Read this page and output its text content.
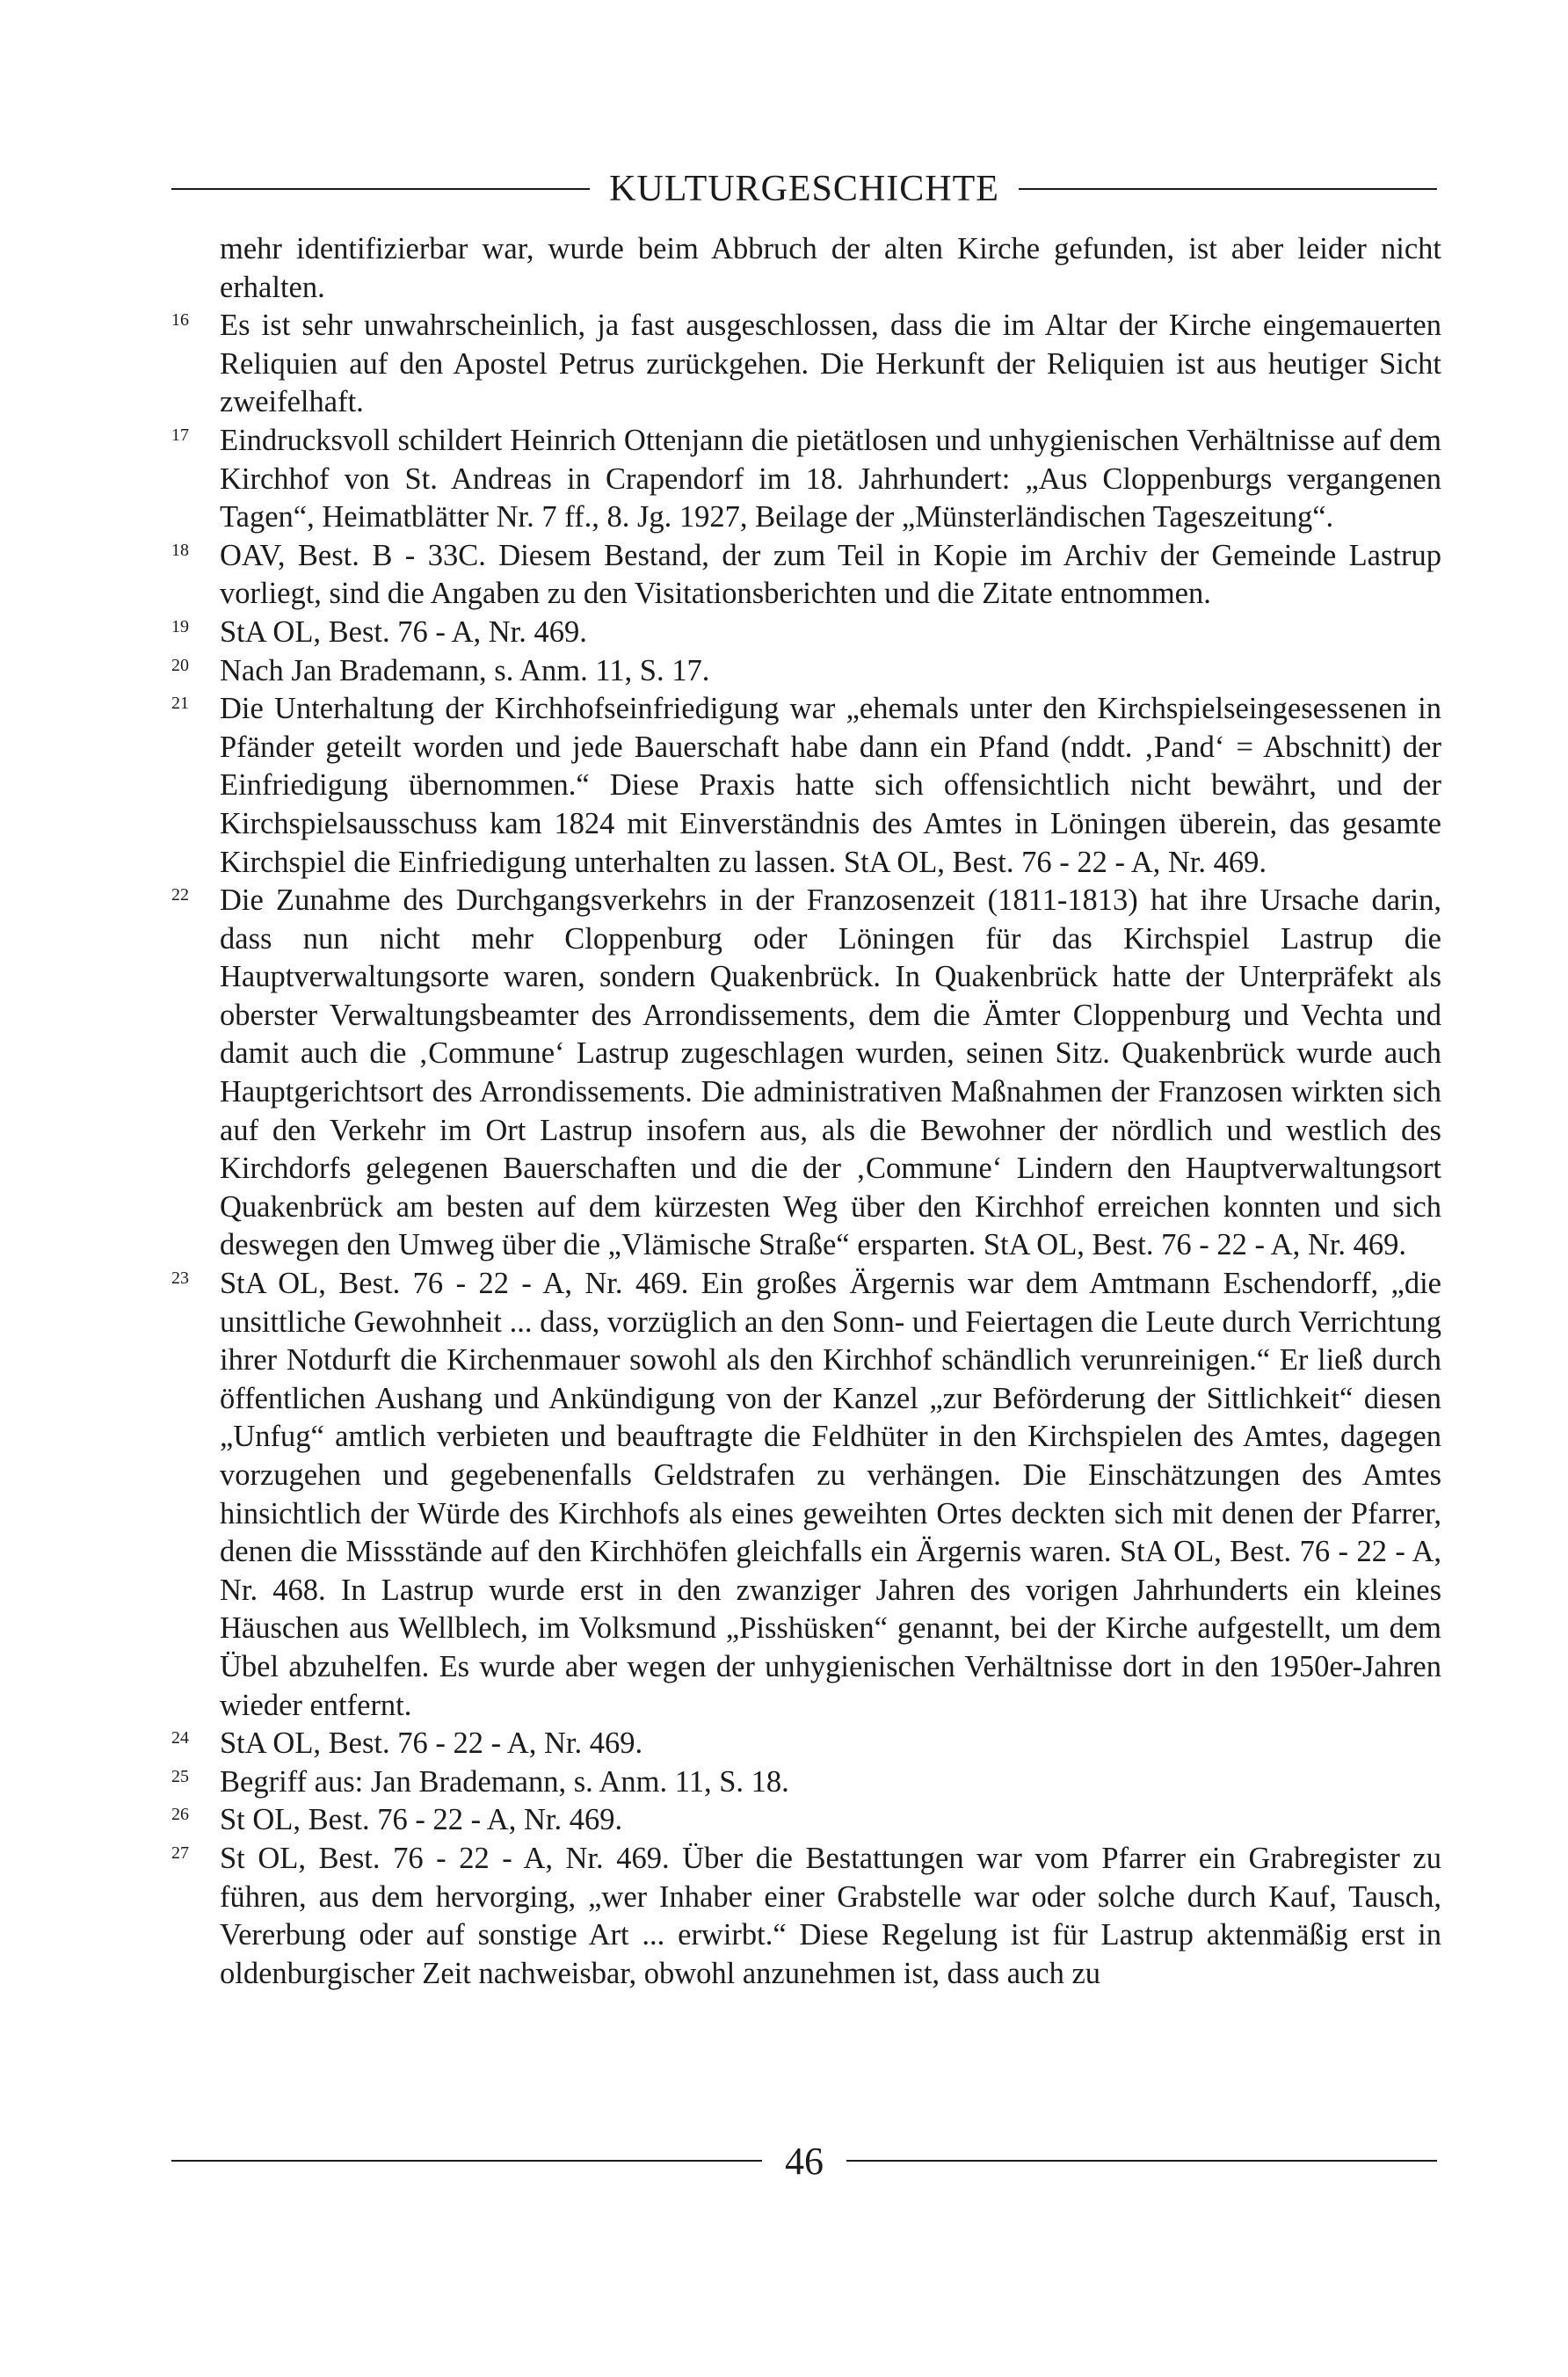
KULTURGESCHICHTE
mehr identifizierbar war, wurde beim Abbruch der alten Kirche gefunden, ist aber leider nicht erhalten.
16 Es ist sehr unwahrscheinlich, ja fast ausgeschlossen, dass die im Altar der Kirche eingemauerten Reliquien auf den Apostel Petrus zurückgehen. Die Herkunft der Reliquien ist aus heutiger Sicht zweifelhaft.
17 Eindrucksvoll schildert Heinrich Ottenjann die pietätlosen und unhygienischen Verhältnisse auf dem Kirchhof von St. Andreas in Crapendorf im 18. Jahrhundert: „Aus Cloppenburgs vergangenen Tagen“, Heimatblätter Nr. 7 ff., 8. Jg. 1927, Beilage der „Münsterländischen Tageszeitung“.
18 OAV, Best. B - 33C. Diesem Bestand, der zum Teil in Kopie im Archiv der Gemeinde Lastrup vorliegt, sind die Angaben zu den Visitationsberichten und die Zitate entnommen.
19 StA OL, Best. 76 - A, Nr. 469.
20 Nach Jan Brademann, s. Anm. 11, S. 17.
21 Die Unterhaltung der Kirchhofseinfriedigung war „ehemals unter den Kirchspielseingesessenen in Pfänder geteilt worden und jede Bauerschaft habe dann ein Pfand (nddt. ‚Pand‘ = Abschnitt) der Einfriedigung übernommen.“ Diese Praxis hatte sich offensichtlich nicht bewährt, und der Kirchspielsausschuss kam 1824 mit Einverständnis des Amtes in Löningen überein, das gesamte Kirchspiel die Einfriedigung unterhalten zu lassen. StA OL, Best. 76 - 22 - A, Nr. 469.
22 Die Zunahme des Durchgangsverkehrs in der Franzosenzeit (1811-1813) hat ihre Ursache darin, dass nun nicht mehr Cloppenburg oder Löningen für das Kirchspiel Lastrup die Hauptverwaltungsorte waren, sondern Quakenbrück. In Quakenbrück hatte der Unterpräfekt als oberster Verwaltungsbeamter des Arrondissements, dem die Ämter Cloppenburg und Vechta und damit auch die ‚Commune‘ Lastrup zugeschlagen wurden, seinen Sitz. Quakenbrück wurde auch Hauptgerichtsort des Arrondissements. Die administrativen Maßnahmen der Franzosen wirkten sich auf den Verkehr im Ort Lastrup insofern aus, als die Bewohner der nördlich und westlich des Kirchdorfs gelegenen Bauerschaften und die der ‚Commune‘ Lindern den Hauptverwaltungsort Quakenbrück am besten auf dem kürzesten Weg über den Kirchhof erreichen konnten und sich deswegen den Umweg über die „Vlämische Straße“ ersparten. StA OL, Best. 76 - 22 - A, Nr. 469.
23 StA OL, Best. 76 - 22 - A, Nr. 469. Ein großes Ärgernis war dem Amtmann Eschendorff, „die unsittliche Gewohnheit ... dass, vorzüglich an den Sonn- und Feiertagen die Leute durch Verrichtung ihrer Notdurft die Kirchenmauer sowohl als den Kirchhof schändlich verunreinigen.“ Er ließ durch öffentlichen Aushang und Ankündigung von der Kanzel „zur Beförderung der Sittlichkeit“ diesen „Unfug“ amtlich verbieten und beauftragte die Feldhüter in den Kirchspielen des Amtes, dagegen vorzugehen und gegebenenfalls Geldstrafen zu verhängen. Die Einschätzungen des Amtes hinsichtlich der Würde des Kirchhofs als eines geweihten Ortes deckten sich mit denen der Pfarrer, denen die Missstände auf den Kirchhöfen gleichfalls ein Ärgernis waren. StA OL, Best. 76 - 22 - A, Nr. 468. In Lastrup wurde erst in den zwanziger Jahren des vorigen Jahrhunderts ein kleines Häuschen aus Wellblech, im Volksmund „Pisshüsken“ genannt, bei der Kirche aufgestellt, um dem Übel abzuhelfen. Es wurde aber wegen der unhygienischen Verhältnisse dort in den 1950er-Jahren wieder entfernt.
24 StA OL, Best. 76 - 22 - A, Nr. 469.
25 Begriff aus: Jan Brademann, s. Anm. 11, S. 18.
26 St OL, Best. 76 - 22 - A, Nr. 469.
27 St OL, Best. 76 - 22 - A, Nr. 469. Über die Bestattungen war vom Pfarrer ein Grabregister zu führen, aus dem hervorging, „wer Inhaber einer Grabstelle war oder solche durch Kauf, Tausch, Vererbung oder auf sonstige Art ... erwirbt.“ Diese Regelung ist für Lastrup aktenmäßig erst in oldenburgischer Zeit nachweisbar, obwohl anzunehmen ist, dass auch zu
46
